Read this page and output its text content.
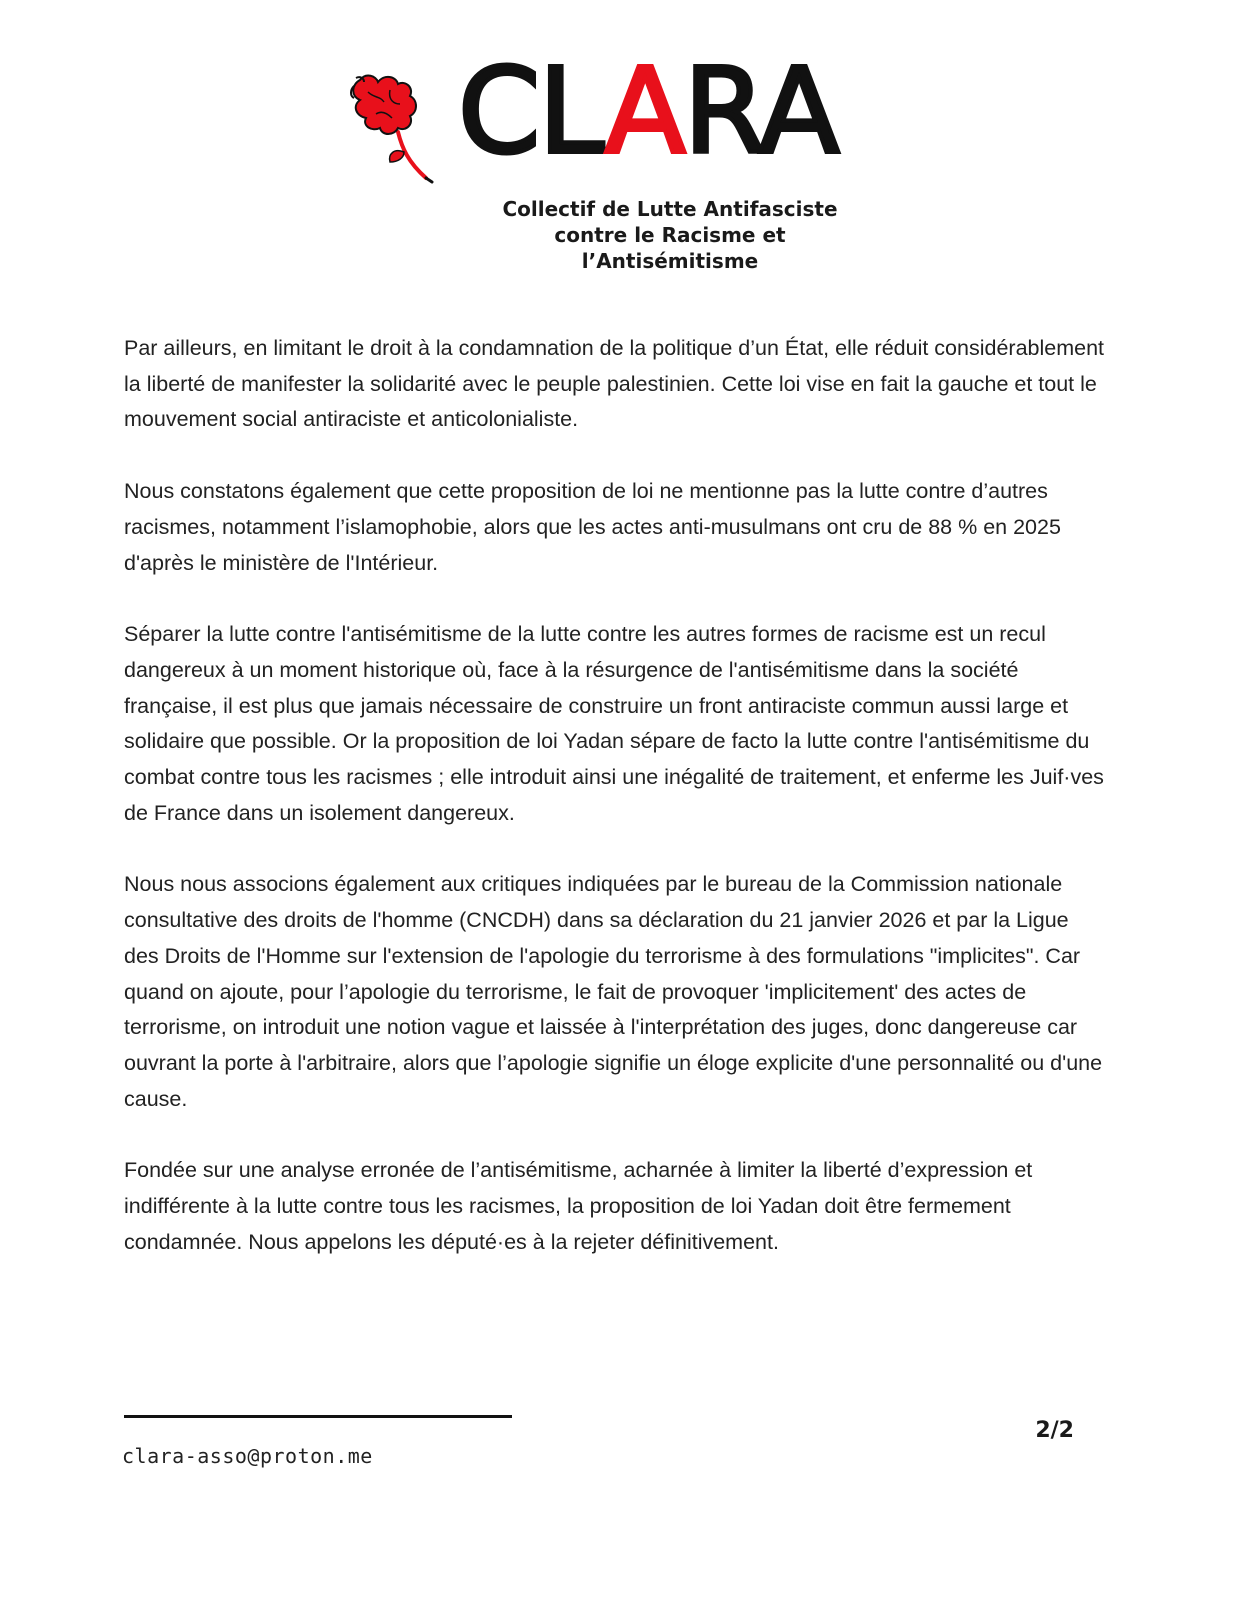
CLARA
Collectif de Lutte Antifasciste
contre le Racisme et l’Antisémitisme

Par ailleurs, en limitant le droit à la condamnation de la politique d’un État, elle réduit considérablement la liberté de manifester la solidarité avec le peuple palestinien. Cette loi vise en fait la gauche et tout le mouvement social antiraciste et anticolonialiste.

Nous constatons également que cette proposition de loi ne mentionne pas la lutte contre d’autres racismes, notamment l’islamophobie, alors que les actes anti-musulmans ont cru de 88 % en 2025 d'après le ministère de l'Intérieur.

Séparer la lutte contre l'antisémitisme de la lutte contre les autres formes de racisme est un recul dangereux à un moment historique où, face à la résurgence de l'antisémitisme dans la société française, il est plus que jamais nécessaire de construire un front antiraciste commun aussi large et solidaire que possible. Or la proposition de loi Yadan sépare de facto la lutte contre l'antisémitisme du combat contre tous les racismes ; elle introduit ainsi une inégalité de traitement, et enferme les Juif·ves de France dans un isolement dangereux.

Nous nous associons également aux critiques indiquées par le bureau de la Commission nationale consultative des droits de l'homme (CNCDH) dans sa déclaration du 21 janvier 2026 et par la Ligue des Droits de l'Homme sur l'extension de l'apologie du terrorisme à des formulations "implicites". Car quand on ajoute, pour l’apologie du terrorisme, le fait de provoquer 'implicitement' des actes de terrorisme, on introduit une notion vague et laissée à l'interprétation des juges, donc dangereuse car ouvrant la porte à l'arbitraire, alors que l’apologie signifie un éloge explicite d'une personnalité ou d'une cause.

Fondée sur une analyse erronée de l’antisémitisme, acharnée à limiter la liberté d’expression et indifférente à la lutte contre tous les racismes, la proposition de loi Yadan doit être fermement condamnée. Nous appelons les député·es à la rejeter définitivement.

2/2
clara-asso@proton.me
